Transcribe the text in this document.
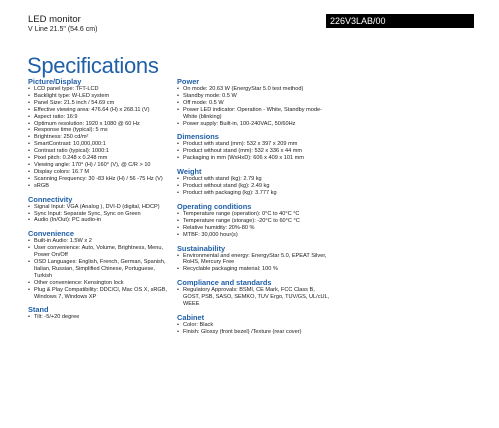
LED monitor
V Line 21.5" (54.6 cm)
226V3LAB/00
Specifications
Picture/Display
• LCD panel type: TFT-LCD
• Backlight type: W-LED system
• Panel Size: 21.5 inch / 54.69 cm
• Effective viewing area: 476.64 (H) x 268.11 (V)
• Aspect ratio: 16:9
• Optimum resolution: 1920 x 1080 @ 60 Hz
• Response time (typical): 5 ms
• Brightness: 250 cd/m²
• SmartContrast: 10,000,000:1
• Contrast ratio (typical): 1000:1
• Pixel pitch: 0.248 x 0.248 mm
• Viewing angle: 170° (H) / 160° (V), @ C/R > 10
• Display colors: 16.7 M
• Scanning Frequency: 30 -83 kHz (H) / 56 -75 Hz (V)
• sRGB
Connectivity
• Signal Input: VGA (Analog ), DVI-D (digital, HDCP)
• Sync Input: Separate Sync, Sync on Green
• Audio (In/Out): PC audio-in
Convenience
• Built-in Audio: 1.5W x 2
• User convenience: Auto, Volume, Brightness, Menu, Power On/Off
• OSD Languages: English, French, German, Spanish, Italian, Russian, Simplified Chinese, Portuguese, Turkish
• Other convenience: Kensington lock
• Plug & Play Compatibility: DDC/CI, Mac OS X, sRGB, Windows 7, Windows XP
Stand
• Tilt: -5/+20 degree
Power
• On mode: 20.63 W (EnergyStar 5.0 test method)
• Standby mode: 0.5 W
• Off mode: 0.5 W
• Power LED indicator: Operation - White, Standby mode- White (blinking)
• Power supply: Built-in, 100-240VAC, 50/60Hz
Dimensions
• Product with stand (mm): 532 x 397 x 209 mm
• Product without stand (mm): 532 x 336 x 44 mm
• Packaging in mm (WxHxD): 606 x 409 x 101 mm
Weight
• Product with stand (kg): 2.79 kg
• Product without stand (kg): 2.49 kg
• Product with packaging (kg): 3.777 kg
Operating conditions
• Temperature range (operation): 0°C to 40°C °C
• Temperature range (storage): -20°C to 60°C °C
• Relative humidity: 20%-80 %
• MTBF: 30,000 hour(s)
Sustainability
• Environmental and energy: EnergyStar 5.0, EPEAT Silver, RoHS, Mercury Free
• Recyclable packaging material: 100 %
Compliance and standards
• Regulatory Approvals: BSMI, CE Mark, FCC Class B, GOST, PSB, SASO, SEMKO, TUV Ergo, TUV/GS, UL/cUL, WEEE
Cabinet
• Color: Black
• Finish: Glossy (front bezel) /Texture (rear cover)
